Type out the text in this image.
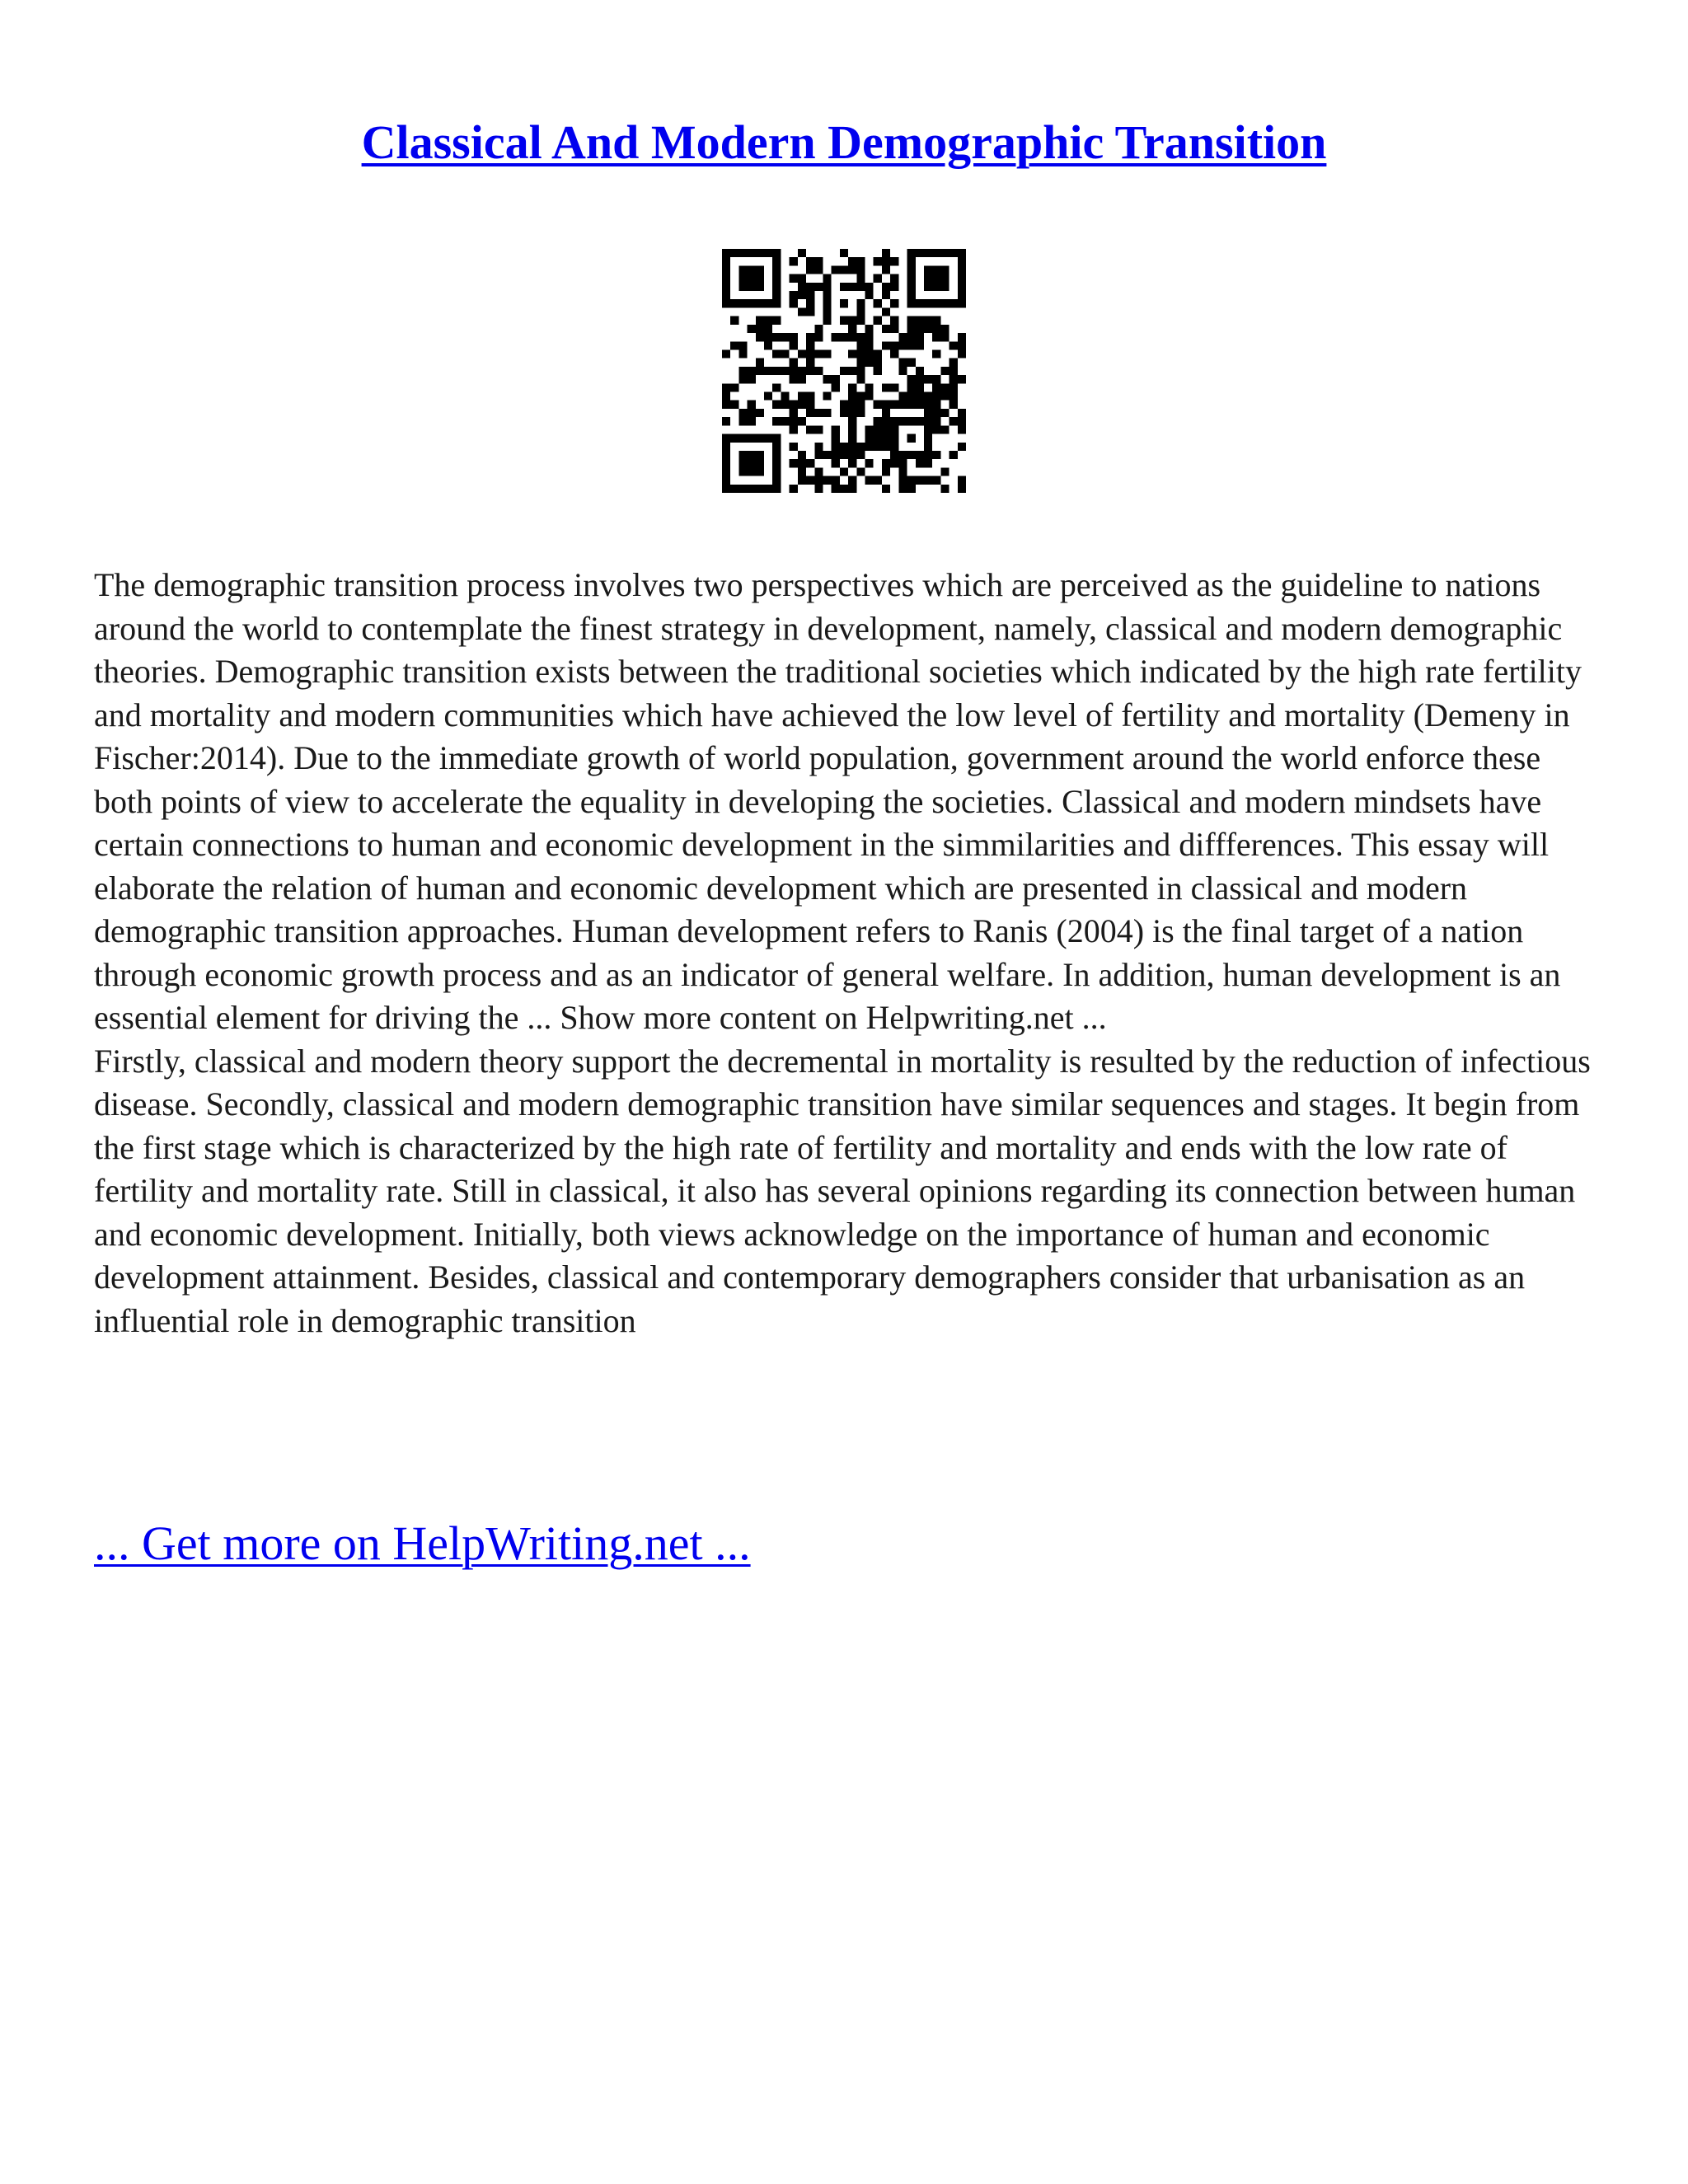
Classical And Modern Demographic Transition

The demographic transition process involves two perspectives which are perceived as the guideline to nations around the world to contemplate the finest strategy in development, namely, classical and modern demographic theories. Demographic transition exists between the traditional societies which indicated by the high rate fertility and mortality and modern communities which have achieved the low level of fertility and mortality (Demeny in Fischer:2014). Due to the immediate growth of world population, government around the world enforce these both points of view to accelerate the equality in developing the societies. Classical and modern mindsets have certain connections to human and economic development in the simmilarities and diffferences. This essay will elaborate the relation of human and economic development which are presented in classical and modern demographic transition approaches. Human development refers to Ranis (2004) is the final target of a nation through economic growth process and as an indicator of general welfare. In addition, human development is an essential element for driving the ... Show more content on Helpwriting.net ...

Firstly, classical and modern theory support the decremental in mortality is resulted by the reduction of infectious disease. Secondly, classical and modern demographic transition have similar sequences and stages. It begin from the first stage which is characterized by the high rate of fertility and mortality and ends with the low rate of fertility and mortality rate. Still in classical, it also has several opinions regarding its connection between human and economic development. Initially, both views acknowledge on the importance of human and economic development attainment. Besides, classical and contemporary demographers consider that urbanisation as an influential role in demographic transition

... Get more on HelpWriting.net ...
